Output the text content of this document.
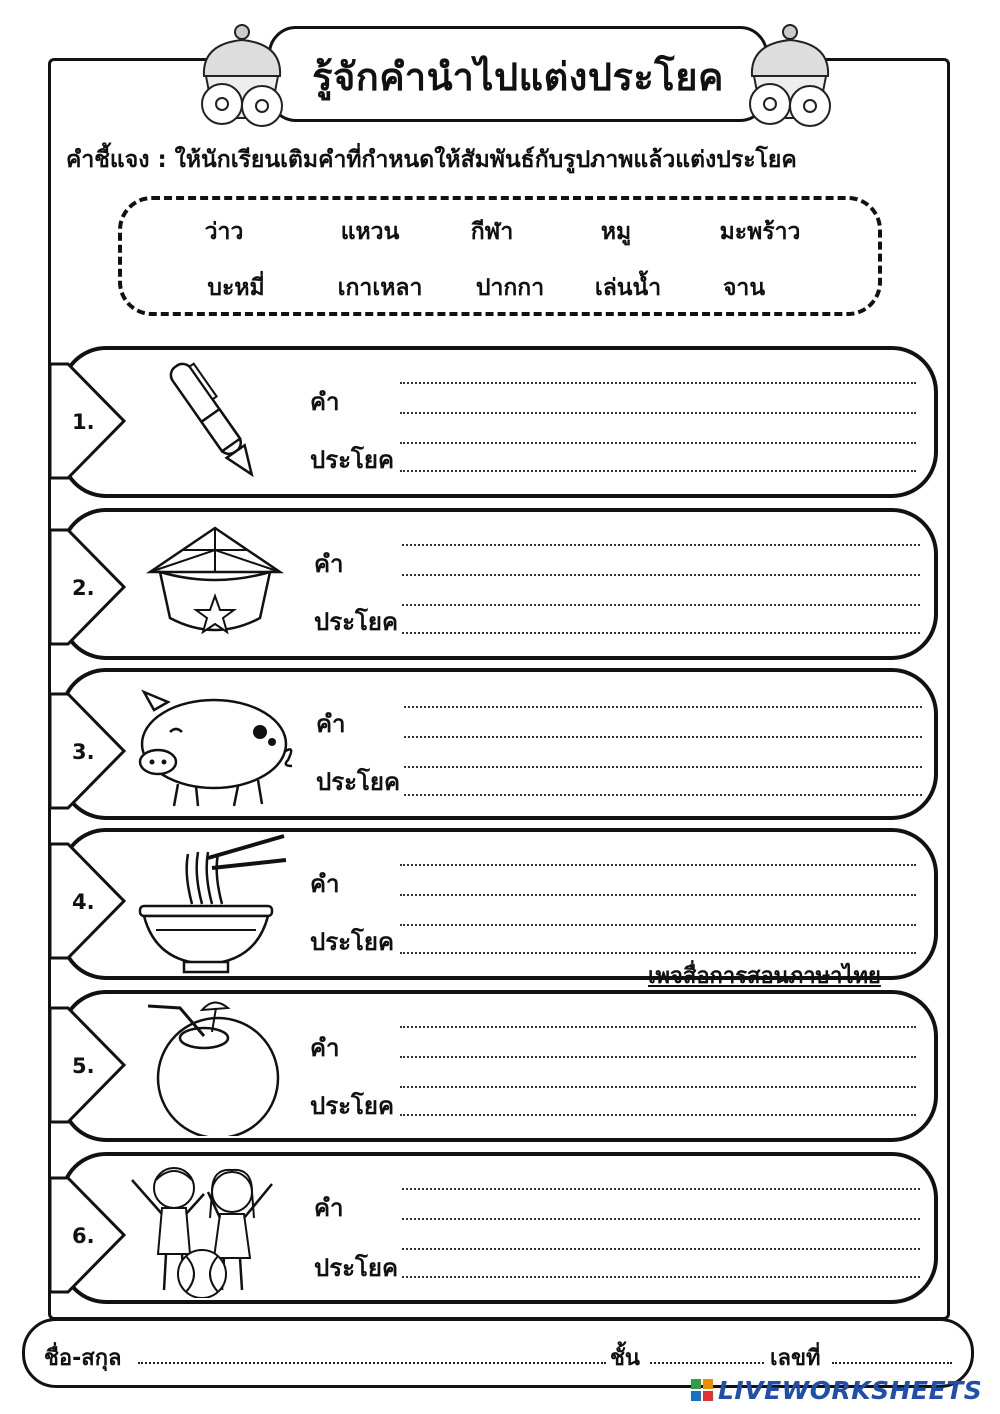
รู้จักคำนำไปแต่งประโยค
คำชี้แจง : ให้นักเรียนเติมคำที่กำหนดให้สัมพันธ์กับรูปภาพแล้วแต่งประโยค
ว่าว	แหวน	กีฬา	หมู	มะพร้าว
บะหมี่	เกาเหลา	ปากกา	เล่นน้ำ	จาน
1.
คำ
ประโยค
2.
คำ
ประโยค
3.
คำ
ประโยค
4.
คำ
ประโยค
เพจสื่อการสอนภาษาไทย
5.
คำ
ประโยค
6.
คำ
ประโยค
ชื่อ-สกุล	ชั้น	เลขที่
LIVEWORKSHEETS
